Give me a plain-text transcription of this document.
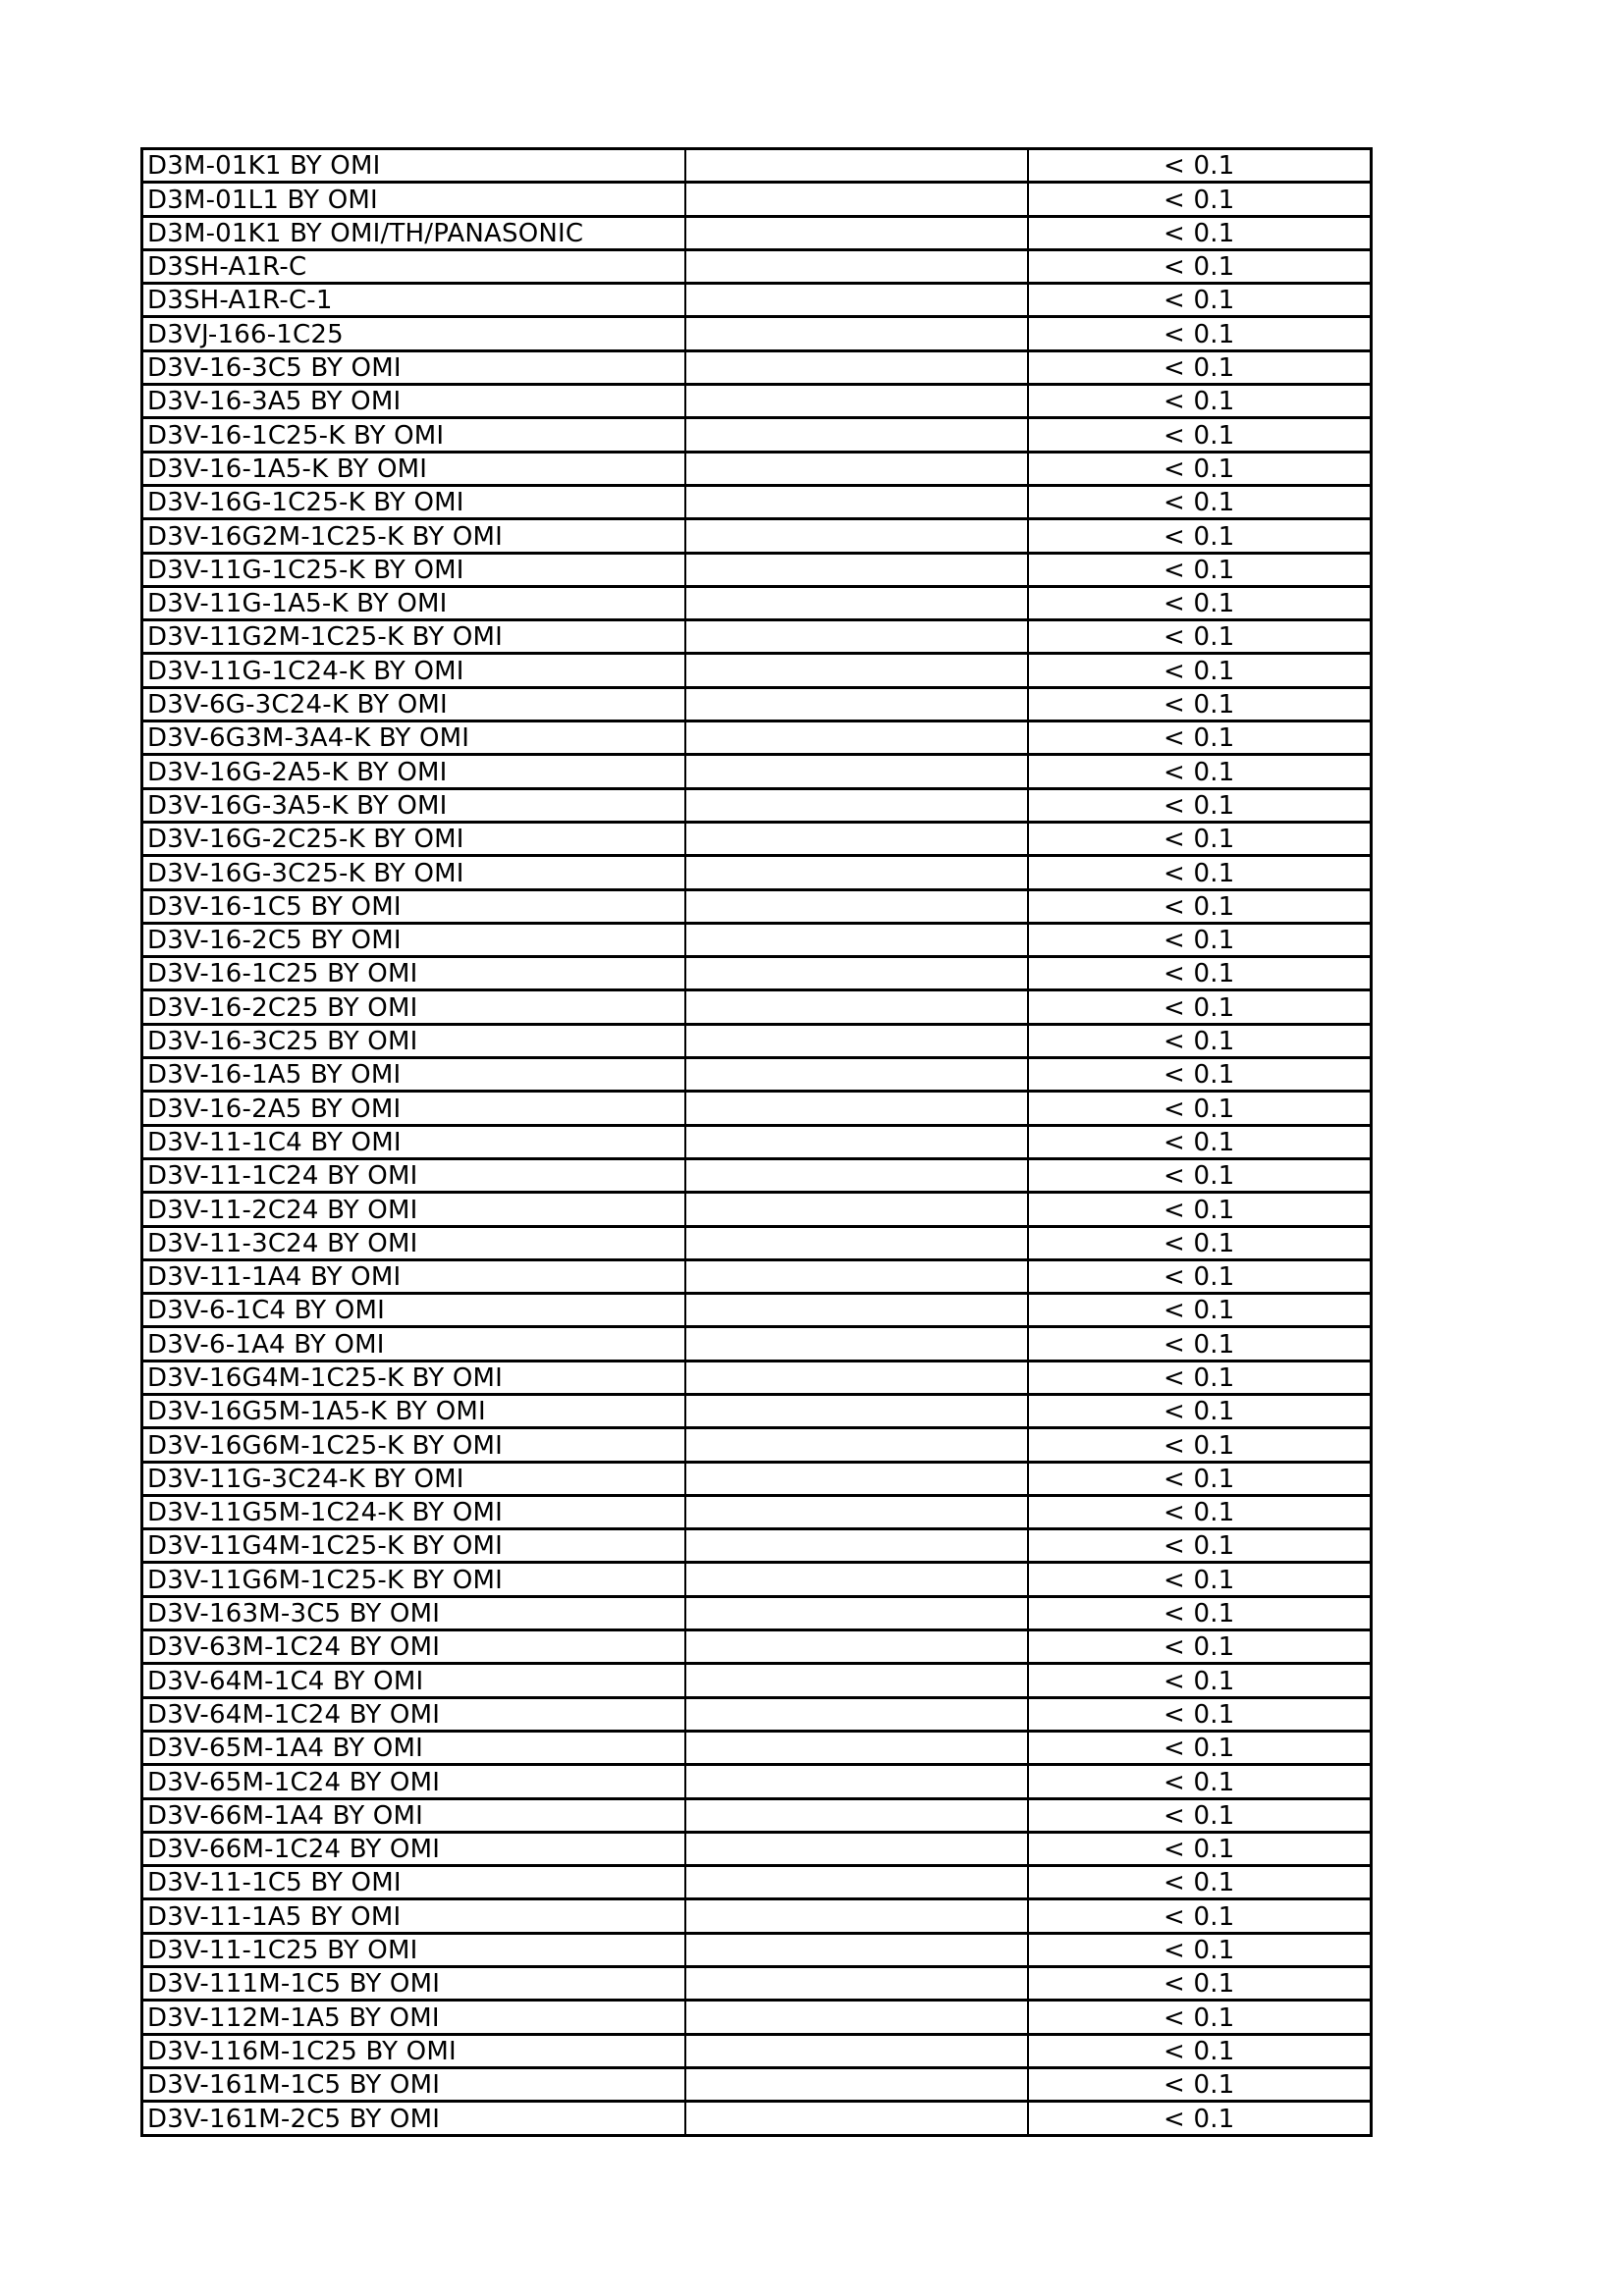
D3M-01K1 BY OMI		< 0.1
D3M-01L1 BY OMI		< 0.1
D3M-01K1 BY OMI/TH/PANASONIC		< 0.1
D3SH-A1R-C		< 0.1
D3SH-A1R-C-1		< 0.1
D3VJ-166-1C25		< 0.1
D3V-16-3C5 BY OMI		< 0.1
D3V-16-3A5 BY OMI		< 0.1
D3V-16-1C25-K BY OMI		< 0.1
D3V-16-1A5-K BY OMI		< 0.1
D3V-16G-1C25-K BY OMI		< 0.1
D3V-16G2M-1C25-K BY OMI		< 0.1
D3V-11G-1C25-K BY OMI		< 0.1
D3V-11G-1A5-K BY OMI		< 0.1
D3V-11G2M-1C25-K BY OMI		< 0.1
D3V-11G-1C24-K BY OMI		< 0.1
D3V-6G-3C24-K BY OMI		< 0.1
D3V-6G3M-3A4-K BY OMI		< 0.1
D3V-16G-2A5-K BY OMI		< 0.1
D3V-16G-3A5-K BY OMI		< 0.1
D3V-16G-2C25-K BY OMI		< 0.1
D3V-16G-3C25-K BY OMI		< 0.1
D3V-16-1C5 BY OMI		< 0.1
D3V-16-2C5 BY OMI		< 0.1
D3V-16-1C25 BY OMI		< 0.1
D3V-16-2C25 BY OMI		< 0.1
D3V-16-3C25 BY OMI		< 0.1
D3V-16-1A5 BY OMI		< 0.1
D3V-16-2A5 BY OMI		< 0.1
D3V-11-1C4 BY OMI		< 0.1
D3V-11-1C24 BY OMI		< 0.1
D3V-11-2C24 BY OMI		< 0.1
D3V-11-3C24 BY OMI		< 0.1
D3V-11-1A4 BY OMI		< 0.1
D3V-6-1C4 BY OMI		< 0.1
D3V-6-1A4 BY OMI		< 0.1
D3V-16G4M-1C25-K BY OMI		< 0.1
D3V-16G5M-1A5-K BY OMI		< 0.1
D3V-16G6M-1C25-K BY OMI		< 0.1
D3V-11G-3C24-K BY OMI		< 0.1
D3V-11G5M-1C24-K BY OMI		< 0.1
D3V-11G4M-1C25-K BY OMI		< 0.1
D3V-11G6M-1C25-K BY OMI		< 0.1
D3V-163M-3C5 BY OMI		< 0.1
D3V-63M-1C24 BY OMI		< 0.1
D3V-64M-1C4 BY OMI		< 0.1
D3V-64M-1C24 BY OMI		< 0.1
D3V-65M-1A4 BY OMI		< 0.1
D3V-65M-1C24 BY OMI		< 0.1
D3V-66M-1A4 BY OMI		< 0.1
D3V-66M-1C24 BY OMI		< 0.1
D3V-11-1C5 BY OMI		< 0.1
D3V-11-1A5 BY OMI		< 0.1
D3V-11-1C25 BY OMI		< 0.1
D3V-111M-1C5 BY OMI		< 0.1
D3V-112M-1A5 BY OMI		< 0.1
D3V-116M-1C25 BY OMI		< 0.1
D3V-161M-1C5 BY OMI		< 0.1
D3V-161M-2C5 BY OMI		< 0.1
